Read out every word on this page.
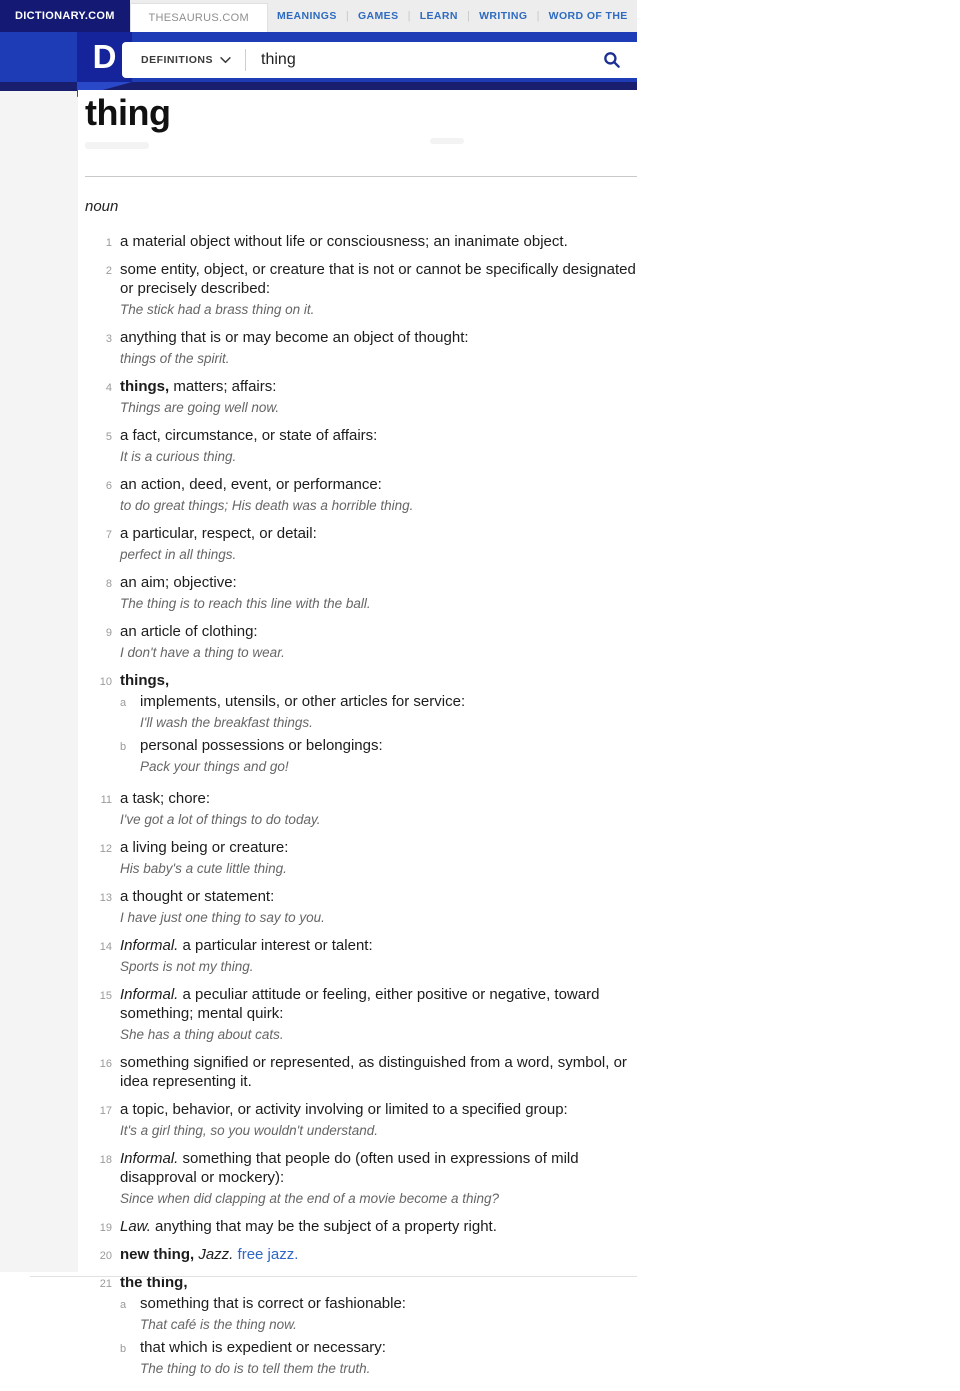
DICTIONARY.COM	THESAURUS.COM	MEANINGS | GAMES | LEARN | WRITING | WORD OF THE
D DEFINITIONS
thing
thing
noun
1 a material object without life or consciousness; an inanimate object.
2 some entity, object, or creature that is not or cannot be specifically designated or precisely described:
The stick had a brass thing on it.
3 anything that is or may become an object of thought:
things of the spirit.
4 things, matters; affairs:
Things are going well now.
5 a fact, circumstance, or state of affairs:
It is a curious thing.
6 an action, deed, event, or performance:
to do great things; His death was a horrible thing.
7 a particular, respect, or detail:
perfect in all things.
8 an aim; objective:
The thing is to reach this line with the ball.
9 an article of clothing:
I don't have a thing to wear.
10 things,
a implements, utensils, or other articles for service:
I'll wash the breakfast things.
b personal possessions or belongings:
Pack your things and go!
11 a task; chore:
I've got a lot of things to do today.
12 a living being or creature:
His baby's a cute little thing.
13 a thought or statement:
I have just one thing to say to you.
14 Informal. a particular interest or talent:
Sports is not my thing.
15 Informal. a peculiar attitude or feeling, either positive or negative, toward something; mental quirk:
She has a thing about cats.
16 something signified or represented, as distinguished from a word, symbol, or idea representing it.
17 a topic, behavior, or activity involving or limited to a specified group:
It's a girl thing, so you wouldn't understand.
18 Informal. something that people do (often used in expressions of mild disapproval or mockery):
Since when did clapping at the end of a movie become a thing?
19 Law. anything that may be the subject of a property right.
20 new thing, Jazz. free jazz.
21 the thing,
a something that is correct or fashionable:
That café is the thing now.
b that which is expedient or necessary:
The thing to do is to tell them the truth.
